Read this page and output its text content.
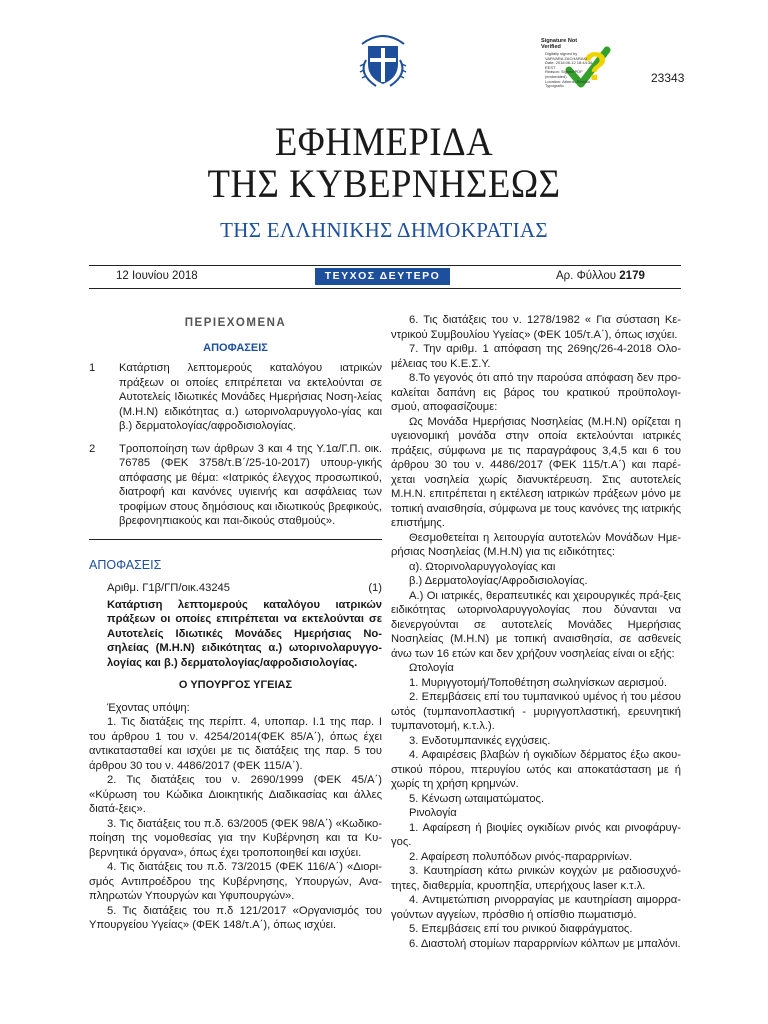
?
Signature Not Verified
Digitally signed by
VARVARA ZACHARAKI
Date: 2018.06.12 18:44:36
EEST
Reason: Signed PDF
(embedded)
Location: Athens, Ethniko
Typografio
23343
ΕΦΗΜΕΡΙΔΑ
ΤΗΣ ΚΥΒΕΡΝΗΣΕΩΣ
ΤΗΣ ΕΛΛΗΝΙΚΗΣ ΔΗΜΟΚΡΑΤΙΑΣ
12 Ιουνίου 2018	ΤΕΥΧΟΣ ΔΕΥΤΕΡΟ	Αρ. Φύλλου 2179
ΠΕΡΙΕΧΟΜΕΝΑ
ΑΠΟΦΑΣΕΙΣ
1	Κατάρτιση λεπτομερούς καταλόγου ιατρικών πράξεων οι οποίες επιτρέπεται να εκτελούνται σε Αυτοτελείς Ιδιωτικές Μονάδες Ημερήσιας Νοση-λείας (Μ.Η.Ν) ειδικότητας α.) ωτορινολαρυγγολο-γίας και β.) δερματολογίας/αφροδισιολογίας.
2	Τροποποίηση των άρθρων 3 και 4 της Υ.1α/Γ.Π. οικ. 76785 (ΦΕΚ 3758/τ.Β΄/25-10-2017) υπουρ-γικής απόφασης με θέμα: «Ιατρικός έλεγχος προσωπικού, διατροφή και κανόνες υγιεινής και ασφάλειας των τροφίμων στους δημόσιους και ιδιωτικούς βρεφικούς, βρεφονηπιακούς και παι-δικούς σταθμούς».
ΑΠΟΦΑΣΕΙΣ
Αριθμ. Γ1β/ΓΠ/οικ.43245	(1)
Κατάρτιση λεπτομερούς καταλόγου ιατρικών πράξεων οι οποίες επιτρέπεται να εκτελούνται σε Αυτοτελείς Ιδιωτικές Μονάδες Ημερήσιας Νο-σηλείας (Μ.Η.Ν) ειδικότητας α.) ωτορινολαρυγγο-λογίας και β.) δερματολογίας/αφροδισιολογίας.
Ο ΥΠΟΥΡΓΟΣ ΥΓΕΙΑΣ

Έχοντας υπόψη:

1. Τις διατάξεις της περίπτ. 4, υποπαρ. Ι.1 της παρ. Ι του άρθρου 1 του ν. 4254/2014(ΦΕΚ 85/Α΄), όπως έχει αντικατασταθεί και ισχύει με τις διατάξεις της παρ. 5 του άρθρου 30 του ν. 4486/2017 (ΦΕΚ 115/Α΄).

2. Τις διατάξεις του ν. 2690/1999 (ΦΕΚ 45/Α΄) «Κύρωση του Κώδικα Διοικητικής Διαδικασίας και άλλες διατά-ξεις».

3. Τις διατάξεις του π.δ. 63/2005 (ΦΕΚ 98/Α΄) «Κωδικο-ποίηση της νομοθεσίας για την Κυβέρνηση και τα Κυ-βερνητικά όργανα», όπως έχει τροποποιηθεί και ισχύει.

4. Τις διατάξεις του π.δ. 73/2015 (ΦΕΚ 116/Α΄) «Διορι-σμός Αντιπροέδρου της Κυβέρνησης, Υπουργών, Ανα-πληρωτών Υπουργών και Υφυπουργών».

5. Τις διατάξεις του π.δ 121/2017 «Οργανισμός του Υπουργείου Υγείας» (ΦΕΚ 148/τ.Α΄), όπως ισχύει.

6. Τις διατάξεις του ν. 1278/1982 « Για σύσταση Κε-ντρικού Συμβουλίου Υγείας» (ΦΕΚ 105/τ.Α΄), όπως ισχύει.

7. Την αριθμ. 1 απόφαση της 269ης/26-4-2018 Ολο-μέλειας του Κ.Ε.Σ.Υ.

8.Το γεγονός ότι από την παρούσα απόφαση δεν προ-καλείται δαπάνη εις βάρος του κρατικού προϋπολογι-σμού, αποφασίζουμε:

Ως Μονάδα Ημερήσιας Νοσηλείας (Μ.Η.Ν) ορίζεται η υγειονομική μονάδα στην οποία εκτελούνται ιατρικές πράξεις, σύμφωνα με τις παραγράφους 3,4,5 και 6 του άρθρου 30 του ν. 4486/2017 (ΦΕΚ 115/τ.Α΄) και παρέ-χεται νοσηλεία χωρίς διανυκτέρευση. Στις αυτοτελείς Μ.Η.Ν. επιτρέπεται η εκτέλεση ιατρικών πράξεων μόνο με τοπική αναισθησία, σύμφωνα με τους κανόνες της ιατρικής επιστήμης.

Θεσμοθετείται η λειτουργία αυτοτελών Μονάδων Ημε-ρήσιας Νοσηλείας (Μ.Η.Ν) για τις ειδικότητες:

α). Ωτορινολαρυγγολογίας και

β.) Δερματολογίας/Αφροδισιολογίας.

Α.) Οι ιατρικές, θεραπευτικές και χειρουργικές πρά-ξεις ειδικότητας ωτορινολαρυγγολογίας που δύνανται να διενεργούνται σε αυτοτελείς Μονάδες Ημερήσιας Νοσηλείας (Μ.Η.Ν) με τοπική αναισθησία, σε ασθενείς άνω των 16 ετών και δεν χρήζουν νοσηλείας είναι οι εξής:

Ωτολογία

1. Μυριγγοτομή/Τοποθέτηση σωληνίσκων αερισμού.

2. Επεμβάσεις επί του τυμπανικού υμένος ή του μέσου ωτός (τυμπανοπλαστική - μυριγγοπλαστική, ερευνητική τυμπανοτομή, κ.τ.λ.).

3. Ενδοτυμπανικές εγχύσεις.

4. Αφαιρέσεις βλαβών ή ογκιδίων δέρματος έξω ακου-στικού πόρου, πτερυγίου ωτός και αποκατάσταση με ή χωρίς τη χρήση κρημνών.

5. Κένωση ωταιματώματος.

Ρινολογία

1. Αφαίρεση ή βιοψίες ογκιδίων ρινός και ρινοφάρυγ-γος.

2. Αφαίρεση πολυπόδων ρινός-παραρρινίων.

3. Καυτηρίαση κάτω ρινικών κογχών με ραδιοσυχνό-τητες, διαθερμία, κρυοπηξία, υπερήχους laser κ.τ.λ.

4. Αντιμετώπιση ρινορραγίας με καυτηρίαση αιμορρα-γούντων αγγείων, πρόσθιο ή οπίσθιο πωματισμό.

5. Επεμβάσεις επί του ρινικού διαφράγματος.

6. Διαστολή στομίων παραρρινίων κόλπων με μπαλόνι.
